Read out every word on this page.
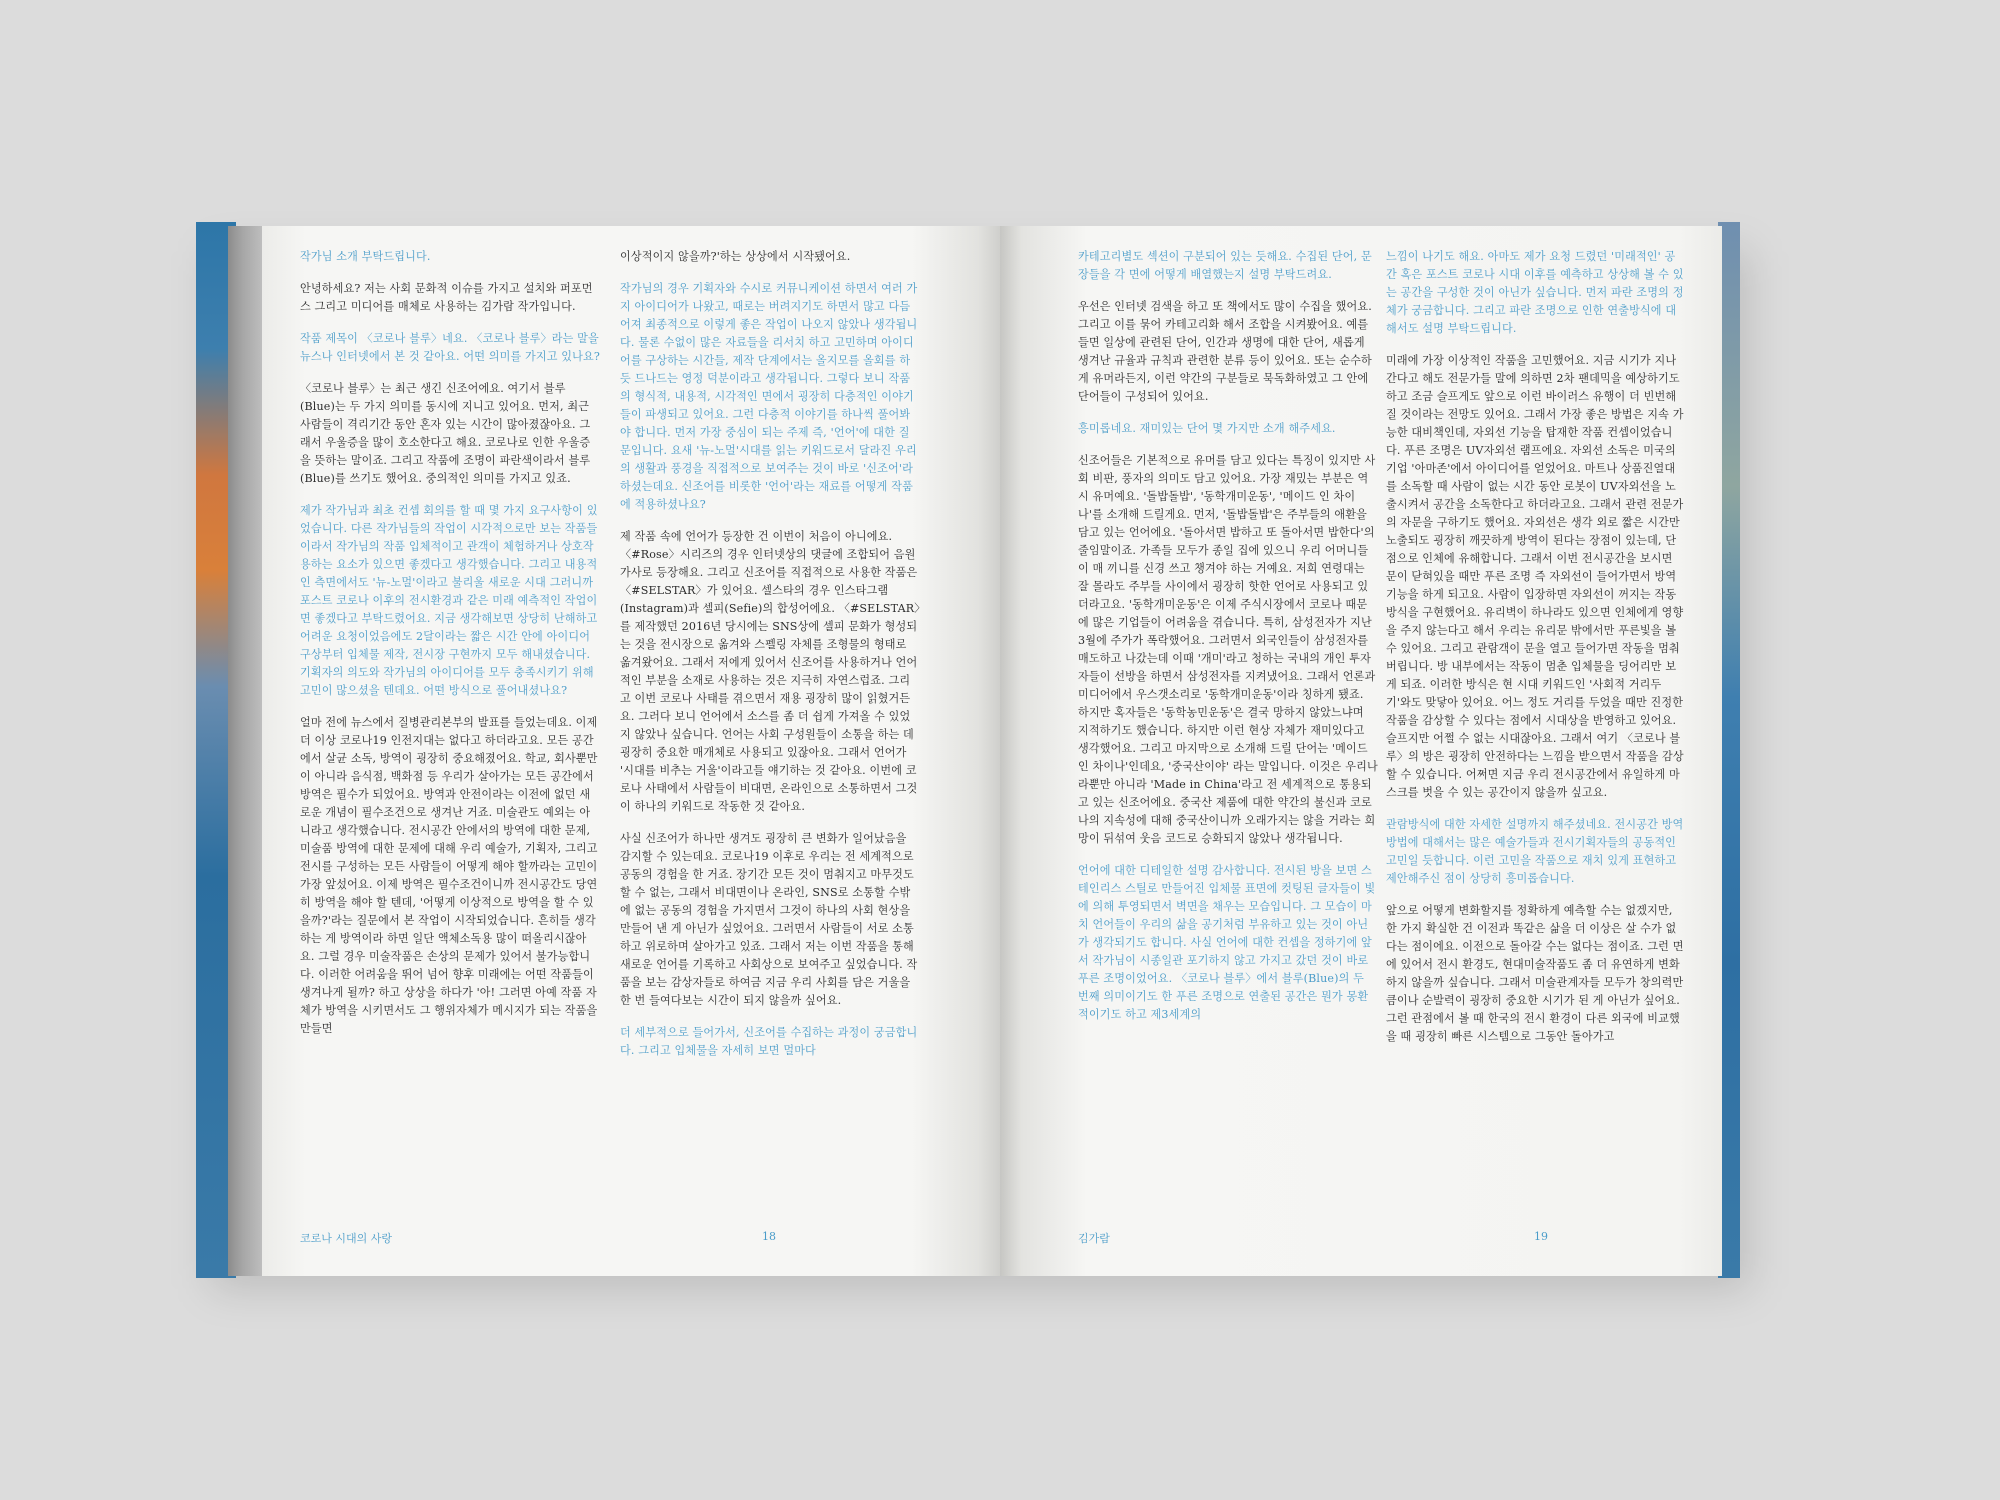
작가님 소개 부탁드립니다.

안녕하세요? 저는 사회 문화적 이슈를 가지고 설치와 퍼포먼스 그리고 미디어를 매체로 사용하는 김가람 작가입니다.

작품 제목이 〈코로나 블루〉네요. 〈코로나 블루〉라는 말을 뉴스나 인터넷에서 본 것 같아요. 어떤 의미를 가지고 있나요?

〈코로나 블루〉는 최근 생긴 신조어에요. 여기서 블루(Blue)는 두 가지 의미를 동시에 지니고 있어요. 먼저, 최근 사람들이 격리기간 동안 혼자 있는 시간이 많아졌잖아요. 그래서 우울증을 많이 호소한다고 해요. 코로나로 인한 우울증을 뜻하는 말이죠. 그리고 작품에 조명이 파란색이라서 블루(Blue)를 쓰기도 했어요. 중의적인 의미를 가지고 있죠.

제가 작가님과 최초 컨셉 회의를 할 때 몇 가지 요구사항이 있었습니다. 다른 작가님들의 작업이 시각적으로만 보는 작품들이라서 작가님의 작품 입체적이고 관객이 체험하거나 상호작용하는 요소가 있으면 좋겠다고 생각했습니다. 그리고 내용적인 측면에서도 '뉴-노멀'이라고 불리울 새로운 시대 그러니까 포스트 코로나 이후의 전시환경과 같은 미래 예측적인 작업이면 좋겠다고 부탁드렸어요. 지금 생각해보면 상당히 난해하고 어려운 요청이었음에도 2달이라는 짧은 시간 안에 아이디어 구상부터 입체물 제작, 전시장 구현까지 모두 해내셨습니다. 기획자의 의도와 작가님의 아이디어를 모두 충족시키기 위해 고민이 많으셨을 텐데요. 어떤 방식으로 풀어내셨나요?

얼마 전에 뉴스에서 질병관리본부의 발표를 들었는데요. 이제 더 이상 코로나19 인전지대는 없다고 하더라고요. 모든 공간에서 살균 소독, 방역이 굉장히 중요해졌어요. 학교, 회사뿐만이 아니라 음식점, 백화점 등 우리가 살아가는 모든 공간에서 방역은 필수가 되었어요. 방역과 안전이라는 이전에 없던 새로운 개념이 필수조건으로 생겨난 거죠. 미술관도 예외는 아니라고 생각했습니다. 전시공간 안에서의 방역에 대한 문제, 미술품 방역에 대한 문제에 대해 우리 예술가, 기획자, 그리고 전시를 구성하는 모든 사람들이 어떻게 해야 할까라는 고민이 가장 앞섰어요. 이제 방역은 필수조건이니까 전시공간도 당연히 방역을 해야 할 텐데, '어떻게 이상적으로 방역을 할 수 있을까?'라는 질문에서 본 작업이 시작되었습니다. 흔히들 생각하는 게 방역이라 하면 일단 액체소독용 많이 떠올리시잖아요. 그럴 경우 미술작품은 손상의 문제가 있어서 불가능합니다. 이러한 어려움을 뛰어 넘어 향후 미래에는 어떤 작품들이 생겨나게 될까? 하고 상상을 하다가 '아! 그러면 아예 작품 자체가 방역을 시키면서도 그 행위자체가 메시지가 되는 작품을 만들면

이상적이지 않을까?'하는 상상에서 시작됐어요.

작가님의 경우 기획자와 수시로 커뮤니케이션 하면서 여러 가지 아이디어가 나왔고, 때로는 버려지기도 하면서 많고 다듬어져 최종적으로 이렇게 좋은 작업이 나오지 않았나 생각됩니다. 물론 수없이 많은 자료들을 리서치 하고 고민하며 아이디어를 구상하는 시간들, 제작 단계에서는 올지모를 올회를 하듯 드나드는 영정 덕분이라고 생각됩니다. 그렇다 보니 작품의 형식적, 내용적, 시각적인 면에서 굉장히 다층적인 이야기들이 파생되고 있어요. 그런 다층적 이야기를 하나씩 풀어봐야 합니다. 먼저 가장 중심이 되는 주제 즉, '언어'에 대한 질문입니다. 요새 '뉴-노멀'시대를 읽는 키워드로서 달라진 우리의 생활과 풍경을 직접적으로 보여주는 것이 바로 '신조어'라 하셨는데요. 신조어를 비롯한 '언어'라는 재료를 어떻게 작품에 적용하셨나요?

제 작품 속에 언어가 등장한 건 이번이 처음이 아니에요. 〈#Rose〉시리즈의 경우 인터넷상의 댓글에 조합되어 음원 가사로 등장해요. 그리고 신조어를 직접적으로 사용한 작품은 〈#SELSTAR〉가 있어요. 셀스타의 경우 인스타그램(Instagram)과 셀피(Sefie)의 합성어에요. 〈#SELSTAR〉를 제작했던 2016년 당시에는 SNS상에 셀피 문화가 형성되는 것을 전시장으로 옮겨와 스펠링 자체를 조형물의 형태로 옮겨왔어요. 그래서 저에게 있어서 신조어를 사용하거나 언어적인 부분을 소재로 사용하는 것은 지극히 자연스럽죠. 그리고 이번 코로나 사태를 겪으면서 재용 굉장히 많이 읽혔거든요. 그러다 보니 언어에서 소스를 좀 더 쉽게 가져올 수 있었지 않았나 싶습니다. 언어는 사회 구성원들이 소통을 하는 데 굉장히 중요한 매개체로 사용되고 있잖아요. 그래서 언어가 '시대를 비추는 거울'이라고들 얘기하는 것 같아요. 이번에 코로나 사태에서 사람들이 비대면, 온라인으로 소통하면서 그것이 하나의 키워드로 작동한 것 같아요.

사실 신조어가 하나만 생겨도 굉장히 큰 변화가 일어났음을 감지할 수 있는데요. 코로나19 이후로 우리는 전 세계적으로 공동의 경험을 한 거죠. 장기간 모든 것이 멈춰지고 마무것도 할 수 없는, 그래서 비대면이나 온라인, SNS로 소통할 수밖에 없는 공동의 경험을 가지면서 그것이 하나의 사회 현상을 만들어 낸 게 아닌가 싶었어요. 그러면서 사람들이 서로 소통하고 위로하며 살아가고 있죠. 그래서 저는 이번 작품을 통해 새로운 언어를 기록하고 사회상으로 보여주고 싶었습니다. 작품을 보는 감상자들로 하여금 지금 우리 사회를 담은 거울을 한 번 들여다보는 시간이 되지 않을까 싶어요.

더 세부적으로 들어가서, 신조어를 수집하는 과정이 궁금합니다. 그리고 입체물을 자세히 보면 멀마다

코로나 시대의 사랑	18

카테고리별도 섹션이 구분되어 있는 듯해요. 수집된 단어, 문장들을 각 면에 어떻게 배열했는지 설명 부탁드려요.

우선은 인터넷 검색을 하고 또 책에서도 많이 수집을 했어요. 그리고 이를 묶어 카테고리화 해서 조합을 시켜봤어요. 예를 들면 일상에 관련된 단어, 인간과 생명에 대한 단어, 새롭게 생겨난 규율과 규칙과 관련한 분류 등이 있어요. 또는 순수하게 유머라든지, 이런 약간의 구분들로 묵독화하였고 그 안에 단어들이 구성되어 있어요.

흥미롭네요. 재미있는 단어 몇 가지만 소개 해주세요.

신조어들은 기본적으로 유머를 담고 있다는 특징이 있지만 사회 비판, 풍자의 의미도 담고 있어요. 가장 재밌는 부분은 역시 유머예요. '돌밥돌밥', '동학개미운동', '메이드 인 차이나'를 소개해 드릴게요. 먼저, '돌밥돌밥'은 주부들의 애환을 담고 있는 언어에요. '돌아서면 밥하고 또 돌아서면 밥한다'의 줄임말이죠. 가족들 모두가 종일 집에 있으니 우리 어머니들이 매 끼니를 신경 쓰고 챙겨야 하는 거예요. 저희 연령대는 잘 몰라도 주부들 사이에서 굉장히 핫한 언어로 사용되고 있더라고요. '동학개미운동'은 이제 주식시장에서 코로나 때문에 많은 기업들이 어려움을 겪습니다. 특히, 삼성전자가 지난 3월에 주가가 폭락했어요. 그러면서 외국인들이 삼성전자를 매도하고 나갔는데 이때 '개미'라고 청하는 국내의 개인 투자자들이 선방을 하면서 삼성전자를 지켜냈어요. 그래서 언론과 미디어에서 우스갯소리로 '동학개미운동'이라 칭하게 됐죠. 하지만 혹자들은 '동학농민운동'은 결국 망하지 않았느냐며 지적하기도 했습니다. 하지만 이런 현상 자체가 재미있다고 생각했어요. 그리고 마지막으로 소개해 드릴 단어는 '메이드 인 차이나'인데요, '중국산이야' 라는 말입니다. 이것은 우리나라뿐만 아니라 'Made in China'라고 전 세계적으로 통용되고 있는 신조어에요. 중국산 제품에 대한 약간의 불신과 코로나의 지속성에 대해 중국산이니까 오래가지는 않을 거라는 희망이 뒤섞여 웃음 코드로 승화되지 않았나 생각됩니다.

언어에 대한 디테일한 설명 감사합니다. 전시된 방을 보면 스테인리스 스틸로 만들어진 입체물 표면에 컷팅된 글자들이 빛에 의해 투영되면서 벽면을 채우는 모습입니다. 그 모습이 마치 언어들이 우리의 삶을 공기처럼 부유하고 있는 것이 아닌가 생각되기도 합니다. 사실 언어에 대한 컨셉을 정하기에 앞서 작가님이 시종일관 포기하지 않고 가지고 갔던 것이 바로 푸른 조명이었어요. 〈코로나 블루〉에서 블루(Blue)의 두 번째 의미이기도 한 푸른 조명으로 연출된 공간은 뭔가 몽환적이기도 하고 제3세계의

느낌이 나기도 해요. 아마도 제가 요청 드렸던 '미래적인' 공간 혹은 포스트 코로나 시대 이후를 예측하고 상상해 볼 수 있는 공간을 구성한 것이 아닌가 싶습니다. 먼저 파란 조명의 정체가 궁금합니다. 그리고 파란 조명으로 인한 연출방식에 대해서도 설명 부탁드립니다.

미래에 가장 이상적인 작품을 고민했어요. 지금 시기가 지나간다고 해도 전문가들 말에 의하면 2차 팬데믹을 예상하기도 하고 조금 슬프게도 앞으로 이런 바이러스 유행이 더 빈번해질 것이라는 전망도 있어요. 그래서 가장 좋은 방법은 지속 가능한 대비책인데, 자외선 기능을 탑재한 작품 컨셉이었습니다. 푸른 조명은 UV자외선 램프에요. 자외선 소독은 미국의 기업 '아마존'에서 아이디어를 얻었어요. 마트나 상품진열대를 소독할 때 사람이 없는 시간 동안 로봇이 UV자외선을 노출시켜서 공간을 소독한다고 하더라고요. 그래서 관련 전문가의 자문을 구하기도 했어요. 자외선은 생각 외로 짧은 시간만 노출되도 굉장히 깨끗하게 방역이 된다는 장점이 있는데, 단점으로 인체에 유해합니다. 그래서 이번 전시공간을 보시면 문이 닫혀있을 때만 푸른 조명 즉 자외선이 들어가면서 방역기능을 하게 되고요. 사람이 입장하면 자외선이 꺼지는 작동 방식을 구현했어요. 유리벽이 하나라도 있으면 인체에게 영향을 주지 않는다고 해서 우리는 유리문 밖에서만 푸른빛을 볼 수 있어요. 그리고 관람객이 문을 열고 들어가면 작동을 멈춰버립니다. 방 내부에서는 작동이 멈춘 입체물을 딩어리만 보게 되죠. 이러한 방식은 현 시대 키워드인 '사회적 거리두기'와도 맞닿아 있어요. 어느 정도 거리를 두었을 때만 진정한 작품을 감상할 수 있다는 점에서 시대상을 반영하고 있어요. 슬프지만 어쩔 수 없는 시대잖아요. 그래서 여기 〈코로나 블루〉의 방은 굉장히 안전하다는 느낌을 받으면서 작품을 감상할 수 있습니다. 어쩌면 지금 우리 전시공간에서 유일하게 마스크를 벗을 수 있는 공간이지 않을까 싶고요.

관람방식에 대한 자세한 설명까지 해주셨네요. 전시공간 방역방법에 대해서는 많은 예술가들과 전시기획자들의 공동적인 고민일 듯합니다. 이런 고민을 작품으로 재치 있게 표현하고 제안해주신 점이 상당히 흥미롭습니다.

앞으로 어떻게 변화할지를 정확하게 예측할 수는 없겠지만, 한 가지 확실한 건 이전과 똑같은 삶을 더 이상은 살 수가 없다는 점이에요. 이전으로 돌아갈 수는 없다는 점이죠. 그런 면에 있어서 전시 환경도, 현대미술작품도 좀 더 유연하게 변화하지 않을까 싶습니다. 그래서 미술관계자들 모두가 창의력만큼이나 순발력이 굉장히 중요한 시기가 된 게 아닌가 싶어요. 그런 관점에서 볼 때 한국의 전시 환경이 다른 외국에 비교했을 때 굉장히 빠른 시스템으로 그동안 돌아가고

김가람	19
